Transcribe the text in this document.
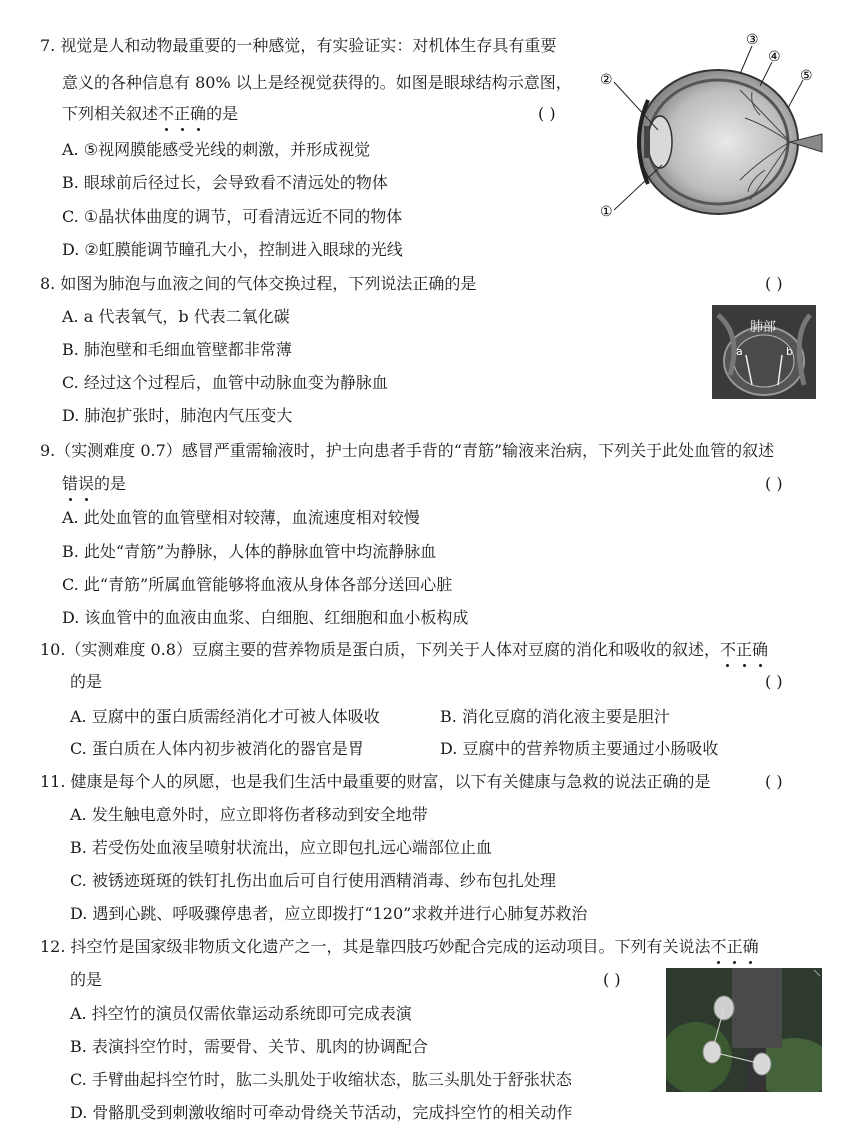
7. 视觉是人和动物最重要的一种感觉，有实验证实：对机体生存具有重要
意义的各种信息有 80% 以上是经视觉获得的。如图是眼球结构示意图，
下列相关叙述不正确的是	( )
A. ⑤视网膜能感受光线的刺激，并形成视觉
B. 眼球前后径过长，会导致看不清远处的物体
C. ①晶状体曲度的调节，可看清远近不同的物体
D. ②虹膜能调节瞳孔大小，控制进入眼球的光线
②
①
③
④
⑤
8. 如图为肺泡与血液之间的气体交换过程，下列说法正确的是	( )
A. a 代表氧气，b 代表二氧化碳
B. 肺泡壁和毛细血管壁都非常薄
C. 经过这个过程后，血管中动脉血变为静脉血
D. 肺泡扩张时，肺泡内气压变大
肺部
a	b
9.（实测难度 0.7）感冒严重需输液时，护士向患者手背的“青筋”输液来治病，下列关于此处血管的叙述
错误的是	( )
A. 此处血管的血管壁相对较薄，血流速度相对较慢
B. 此处“青筋”为静脉，人体的静脉血管中均流静脉血
C. 此“青筋”所属血管能够将血液从身体各部分送回心脏
D. 该血管中的血液由血浆、白细胞、红细胞和血小板构成
10.（实测难度 0.8）豆腐主要的营养物质是蛋白质，下列关于人体对豆腐的消化和吸收的叙述，不正确
的是	( )
A. 豆腐中的蛋白质需经消化才可被人体吸收	B. 消化豆腐的消化液主要是胆汁
C. 蛋白质在人体内初步被消化的器官是胃	D. 豆腐中的营养物质主要通过小肠吸收
11. 健康是每个人的夙愿，也是我们生活中最重要的财富，以下有关健康与急救的说法正确的是	( )
A. 发生触电意外时，应立即将伤者移动到安全地带
B. 若受伤处血液呈喷射状流出，应立即包扎远心端部位止血
C. 被锈迹斑斑的铁钉扎伤出血后可自行使用酒精消毒、纱布包扎处理
D. 遇到心跳、呼吸骤停患者，应立即拨打“120”求救并进行心肺复苏救治
12. 抖空竹是国家级非物质文化遗产之一，其是靠四肢巧妙配合完成的运动项目。下列有关说法不正确
的是	( )
A. 抖空竹的演员仅需依靠运动系统即可完成表演
B. 表演抖空竹时，需要骨、关节、肌肉的协调配合
C. 手臂曲起抖空竹时，肱二头肌处于收缩状态，肱三头肌处于舒张状态
D. 骨骼肌受到刺激收缩时可牵动骨绕关节活动，完成抖空竹的相关动作
